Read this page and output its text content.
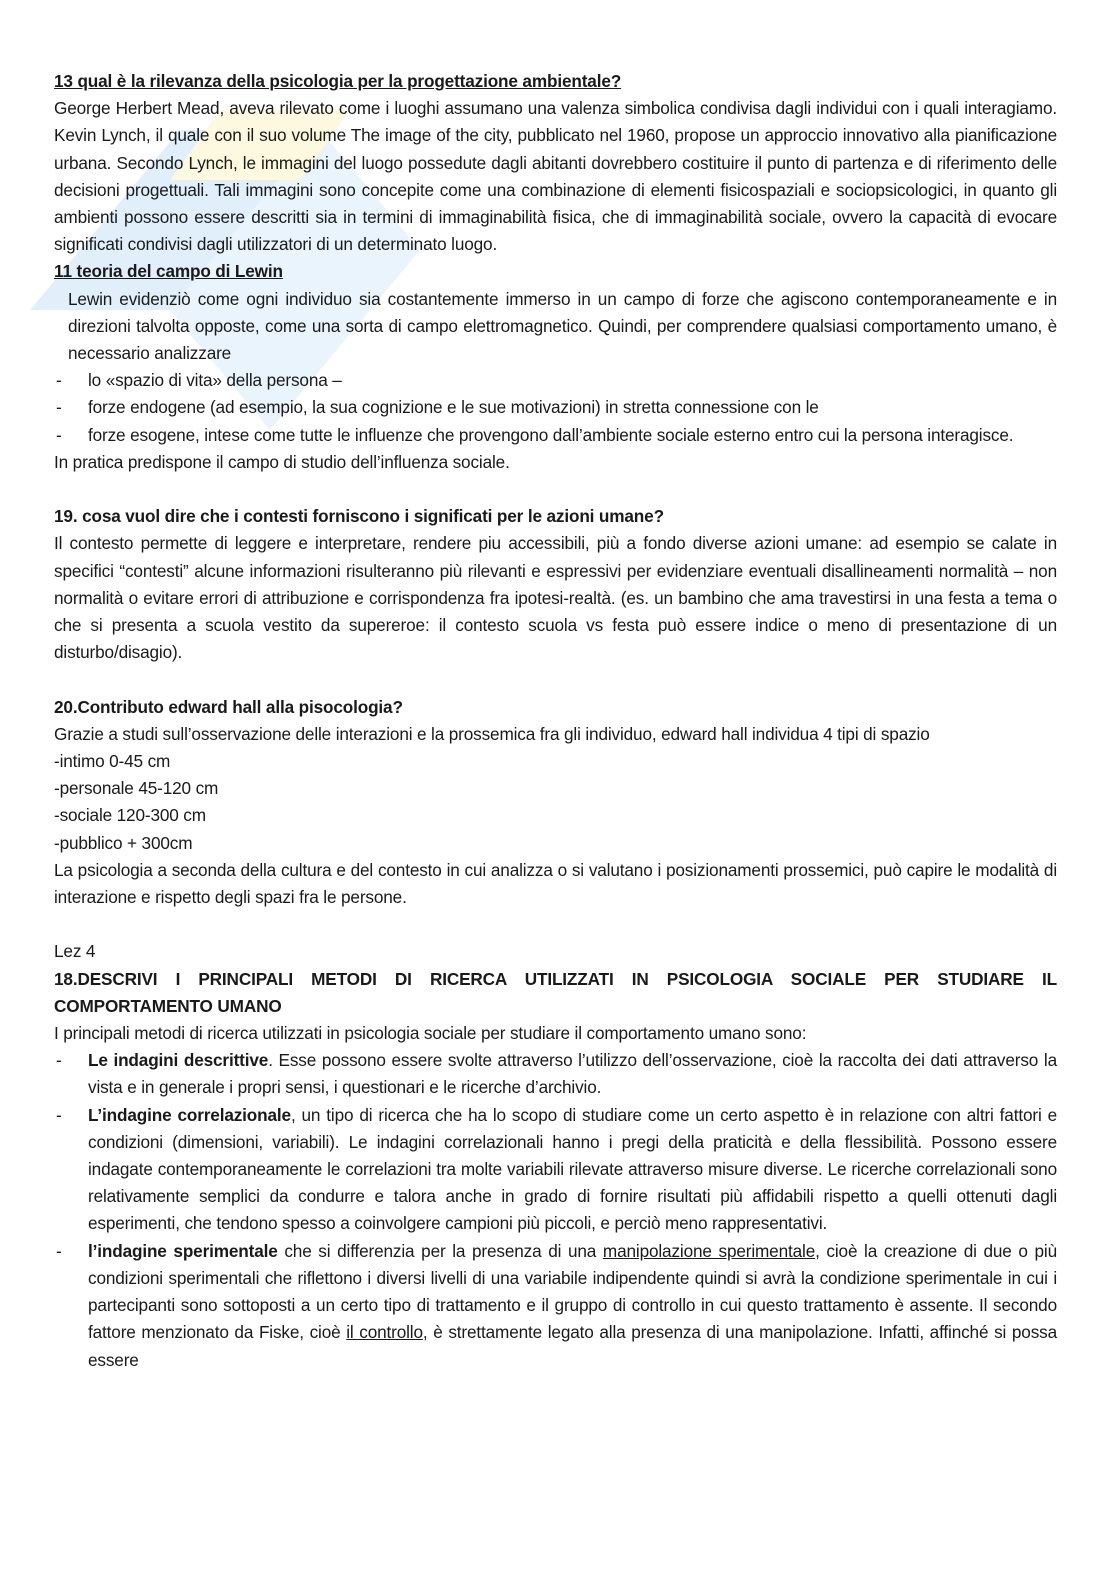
13 qual è la rilevanza della psicologia per la progettazione ambientale?

George Herbert Mead, aveva rilevato come i luoghi assumano una valenza simbolica condivisa dagli individui con i quali interagiamo. Kevin Lynch, il quale con il suo volume The image of the city, pubblicato nel 1960, propose un approccio innovativo alla pianificazione urbana. Secondo Lynch, le immagini del luogo possedute dagli abitanti dovrebbero costituire il punto di partenza e di riferimento delle decisioni progettuali. Tali immagini sono concepite come una combinazione di elementi fisicospaziali e sociopsicologici, in quanto gli ambienti possono essere descritti sia in termini di immaginabilità fisica, che di immaginabilità sociale, ovvero la capacità di evocare significati condivisi dagli utilizzatori di un determinato luogo.

11 teoria del campo di Lewin

Lewin evidenziò come ogni individuo sia costantemente immerso in un campo di forze che agiscono contemporaneamente e in direzioni talvolta opposte, come una sorta di campo elettromagnetico. Quindi, per comprendere qualsiasi comportamento umano, è necessario analizzare

- lo «spazio di vita» della persona –
- forze endogene (ad esempio, la sua cognizione e le sue motivazioni) in stretta connessione con le
- forze esogene, intese come tutte le influenze che provengono dall’ambiente sociale esterno entro cui la persona interagisce.

In pratica predispone il campo di studio dell’influenza sociale.

19. cosa vuol dire che i contesti forniscono i significati per le azioni umane?

Il contesto permette di leggere e interpretare, rendere piu accessibili, più a fondo diverse azioni umane: ad esempio se calate in specifici “contesti” alcune informazioni risulteranno più rilevanti e espressivi per evidenziare eventuali disallineamenti normalità – non normalità o evitare errori di attribuzione e corrispondenza fra ipotesi-realtà. (es. un bambino che ama travestirsi in una festa a tema o che si presenta a scuola vestito da supereroe: il contesto scuola vs festa può essere indice o meno di presentazione di un disturbo/disagio).

20.Contributo edward hall alla pisocologia?

Grazie a studi sull’osservazione delle interazioni e la prossemica fra gli individuo, edward hall individua 4 tipi di spazio

-intimo 0-45 cm

-personale 45-120 cm

-sociale 120-300 cm

-pubblico + 300cm

La psicologia a seconda della cultura e del contesto in cui analizza o si valutano i posizionamenti prossemici, può capire le modalità di interazione e rispetto degli spazi fra le persone.

Lez 4

18.DESCRIVI I PRINCIPALI METODI DI RICERCA UTILIZZATI IN PSICOLOGIA SOCIALE PER STUDIARE IL COMPORTAMENTO UMANO

I principali metodi di ricerca utilizzati in psicologia sociale per studiare il comportamento umano sono:

- Le indagini descrittive. Esse possono essere svolte attraverso l’utilizzo dell’osservazione, cioè la raccolta dei dati attraverso la vista e in generale i propri sensi, i questionari e le ricerche d’archivio.
- L’indagine correlazionale, un tipo di ricerca che ha lo scopo di studiare come un certo aspetto è in relazione con altri fattori e condizioni (dimensioni, variabili). Le indagini correlazionali hanno i pregi della praticità e della flessibilità. Possono essere indagate contemporaneamente le correlazioni tra molte variabili rilevate attraverso misure diverse. Le ricerche correlazionali sono relativamente semplici da condurre e talora anche in grado di fornire risultati più affidabili rispetto a quelli ottenuti dagli esperimenti, che tendono spesso a coinvolgere campioni più piccoli, e perciò meno rappresentativi.
- l’indagine sperimentale che si differenzia per la presenza di una manipolazione sperimentale, cioè la creazione di due o più condizioni sperimentali che riflettono i diversi livelli di una variabile indipendente quindi si avrà la condizione sperimentale in cui i partecipanti sono sottoposti a un certo tipo di trattamento e il gruppo di controllo in cui questo trattamento è assente. Il secondo fattore menzionato da Fiske, cioè il controllo, è strettamente legato alla presenza di una manipolazione. Infatti, affinché si possa essere
